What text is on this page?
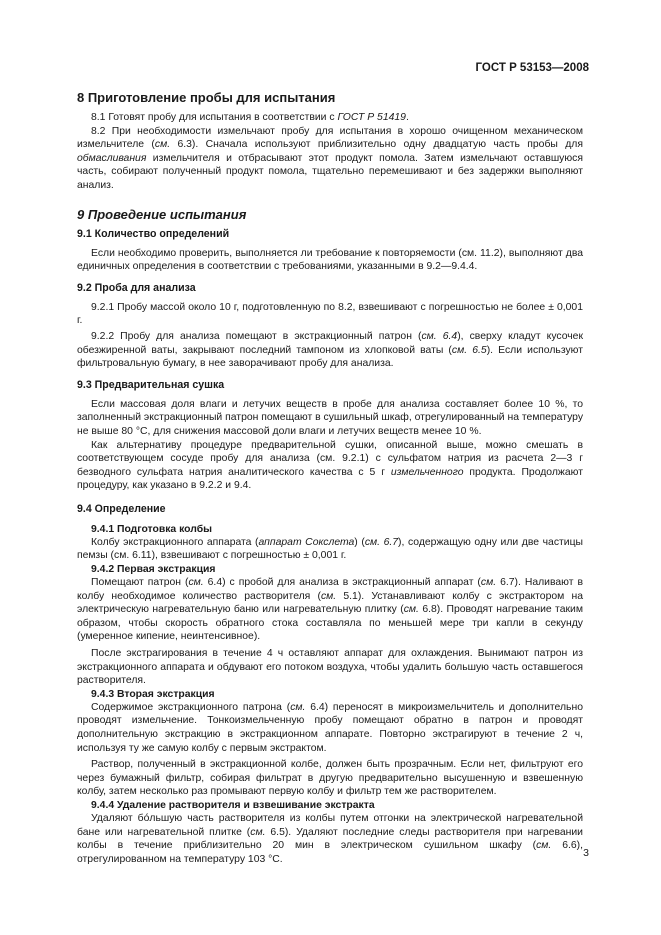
ГОСТ Р 53153—2008
8 Приготовление пробы для испытания

8.1 Готовят пробу для испытания в соответствии с ГОСТ Р 51419.

8.2 При необходимости измельчают пробу для испытания в хорошо очищенном механическом измельчителе (см. 6.3). Сначала используют приблизительно одну двадцатую часть пробы для обмасливания измельчителя и отбрасывают этот продукт помола. Затем измельчают оставшуюся часть, собирают полученный продукт помола, тщательно перемешивают и без задержки выполняют анализ.

9 Проведение испытания
9.1 Количество определений

Если необходимо проверить, выполняется ли требование к повторяемости (см. 11.2), выполняют два единичных определения в соответствии с требованиями, указанными в 9.2—9.4.4.

9.2 Проба для анализа

9.2.1 Пробу массой около 10 г, подготовленную по 8.2, взвешивают с погрешностью не более ± 0,001 г.

9.2.2 Пробу для анализа помещают в экстракционный патрон (см. 6.4), сверху кладут кусочек обезжиренной ваты, закрывают последний тампоном из хлопковой ваты (см. 6.5). Если используют фильтровальную бумагу, в нее заворачивают пробу для анализа.

9.3 Предварительная сушка

Если массовая доля влаги и летучих веществ в пробе для анализа составляет более 10 %, то заполненный экстракционный патрон помещают в сушильный шкаф, отрегулированный на температуру не выше 80 °С, для снижения массовой доли влаги и летучих веществ менее 10 %.

Как альтернативу процедуре предварительной сушки, описанной выше, можно смешать в соответствующем сосуде пробу для анализа (см. 9.2.1) с сульфатом натрия из расчета 2—3 г безводного сульфата натрия аналитического качества с 5 г измельченного продукта. Продолжают процедуру, как указано в 9.2.2 и 9.4.

9.4 Определение
9.4.1 Подготовка колбы

Колбу экстракционного аппарата (аппарат Сокслета) (см. 6.7), содержащую одну или две частицы пемзы (см. 6.11), взвешивают с погрешностью ± 0,001 г.

9.4.2 Первая экстракция

Помещают патрон (см. 6.4) с пробой для анализа в экстракционный аппарат (см. 6.7). Наливают в колбу необходимое количество растворителя (см. 5.1). Устанавливают колбу с экстрактором на электрическую нагревательную баню или нагревательную плитку (см. 6.8). Проводят нагревание таким образом, чтобы скорость обратного стока составляла по меньшей мере три капли в секунду (умеренное кипение, неинтенсивное).

После экстрагирования в течение 4 ч оставляют аппарат для охлаждения. Вынимают патрон из экстракционного аппарата и обдувают его потоком воздуха, чтобы удалить большую часть оставшегося растворителя.

9.4.3 Вторая экстракция

Содержимое экстракционного патрона (см. 6.4) переносят в микроизмельчитель и дополнительно проводят измельчение. Тонкоизмельченную пробу помещают обратно в патрон и проводят дополнительную экстракцию в экстракционном аппарате. Повторно экстрагируют в течение 2 ч, используя ту же самую колбу с первым экстрактом.

Раствор, полученный в экстракционной колбе, должен быть прозрачным. Если нет, фильтруют его через бумажный фильтр, собирая фильтрат в другую предварительно высушенную и взвешенную колбу, затем несколько раз промывают первую колбу и фильтр тем же растворителем.

9.4.4 Удаление растворителя и взвешивание экстракта

Удаляют бо́льшую часть растворителя из колбы путем отгонки на электрической нагревательной бане или нагревательной плитке (см. 6.5). Удаляют последние следы растворителя при нагревании колбы в течение приблизительно 20 мин в электрическом сушильном шкафу (см. 6.6), отрегулированном на температуру 103 °С.

3
